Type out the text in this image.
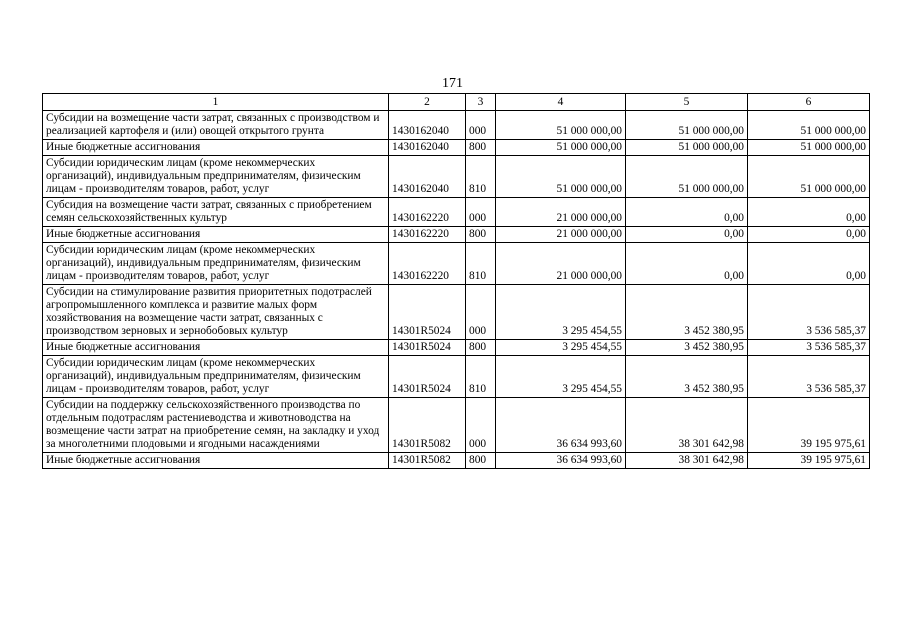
171
1	2	3	4	5	6
Субсидии на возмещение части затрат, связанных с производством и реализацией картофеля и (или) овощей открытого грунта	1430162040	000	51 000 000,00	51 000 000,00	51 000 000,00
Иные бюджетные ассигнования	1430162040	800	51 000 000,00	51 000 000,00	51 000 000,00
Субсидии юридическим лицам (кроме некоммерческих организаций), индивидуальным предпринимателям, физическим лицам - производителям товаров, работ, услуг	1430162040	810	51 000 000,00	51 000 000,00	51 000 000,00
Субсидия на возмещение части затрат, связанных с приобретением семян сельскохозяйственных культур	1430162220	000	21 000 000,00	0,00	0,00
Иные бюджетные ассигнования	1430162220	800	21 000 000,00	0,00	0,00
Субсидии юридическим лицам (кроме некоммерческих организаций), индивидуальным предпринимателям, физическим лицам - производителям товаров, работ, услуг	1430162220	810	21 000 000,00	0,00	0,00
Субсидии на стимулирование развития приоритетных подотраслей агропромышленного комплекса и развитие малых форм хозяйствования на возмещение части затрат, связанных с производством зерновых и зернобобовых культур	14301R5024	000	3 295 454,55	3 452 380,95	3 536 585,37
Иные бюджетные ассигнования	14301R5024	800	3 295 454,55	3 452 380,95	3 536 585,37
Субсидии юридическим лицам (кроме некоммерческих организаций), индивидуальным предпринимателям, физическим лицам - производителям товаров, работ, услуг	14301R5024	810	3 295 454,55	3 452 380,95	3 536 585,37
Субсидии на поддержку сельскохозяйственного производства по отдельным подотраслям растениеводства и животноводства на возмещение части затрат на приобретение семян, на закладку и уход за многолетними плодовыми и ягодными насаждениями	14301R5082	000	36 634 993,60	38 301 642,98	39 195 975,61
Иные бюджетные ассигнования	14301R5082	800	36 634 993,60	38 301 642,98	39 195 975,61
